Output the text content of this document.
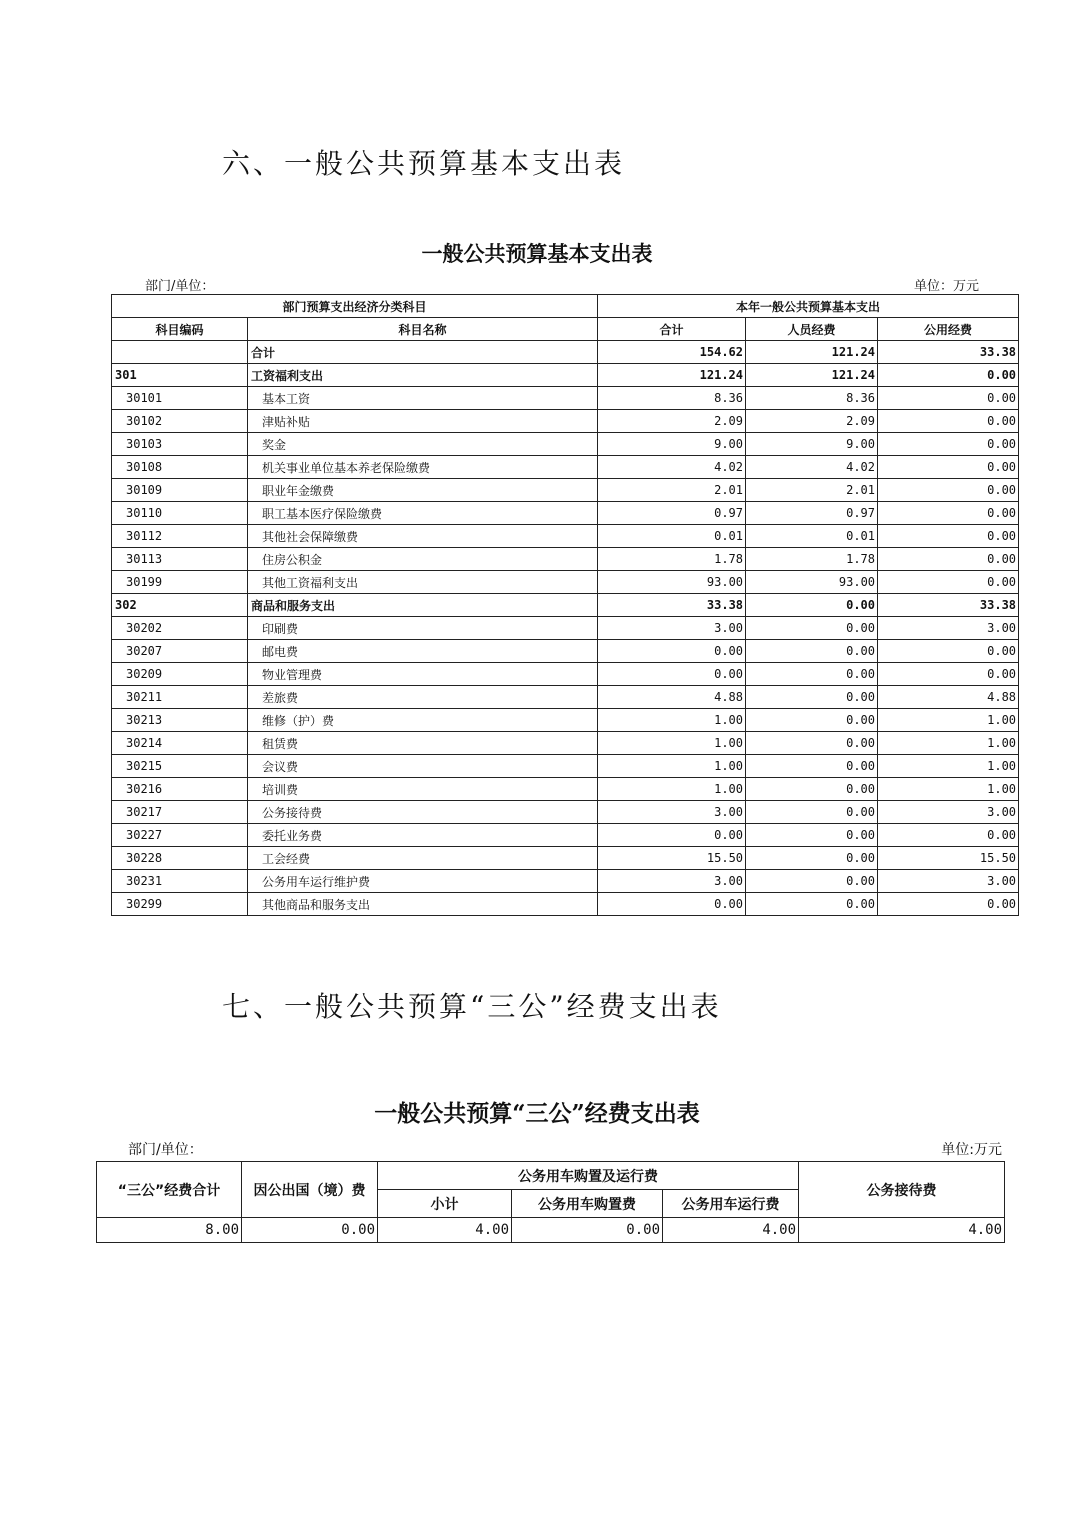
六、一般公共预算基本支出表
一般公共预算基本支出表
部门/单位：	单位：万元
部门预算支出经济分类科目		本年一般公共预算基本支出		
科目编码	科目名称	合计	人员经费	公用经费
	合计	154.62	121.24	33.38
301	工资福利支出	121.24	121.24	0.00
30101	基本工资	8.36	8.36	0.00
30102	津贴补贴	2.09	2.09	0.00
30103	奖金	9.00	9.00	0.00
30108	机关事业单位基本养老保险缴费	4.02	4.02	0.00
30109	职业年金缴费	2.01	2.01	0.00
30110	职工基本医疗保险缴费	0.97	0.97	0.00
30112	其他社会保障缴费	0.01	0.01	0.00
30113	住房公积金	1.78	1.78	0.00
30199	其他工资福利支出	93.00	93.00	0.00
302	商品和服务支出	33.38	0.00	33.38
30202	印刷费	3.00	0.00	3.00
30207	邮电费	0.00	0.00	0.00
30209	物业管理费	0.00	0.00	0.00
30211	差旅费	4.88	0.00	4.88
30213	维修（护）费	1.00	0.00	1.00
30214	租赁费	1.00	0.00	1.00
30215	会议费	1.00	0.00	1.00
30216	培训费	1.00	0.00	1.00
30217	公务接待费	3.00	0.00	3.00
30227	委托业务费	0.00	0.00	0.00
30228	工会经费	15.50	0.00	15.50
30231	公务用车运行维护费	3.00	0.00	3.00
30299	其他商品和服务支出	0.00	0.00	0.00
七、一般公共预算“三公”经费支出表
一般公共预算“三公”经费支出表
部门/单位：	单位:万元
“三公”经费合计	因公出国（境）费	公务用车购置及运行费			公务接待费
		小计	公务用车购置费	公务用车运行费	
8.00	0.00	4.00	0.00	4.00	4.00
